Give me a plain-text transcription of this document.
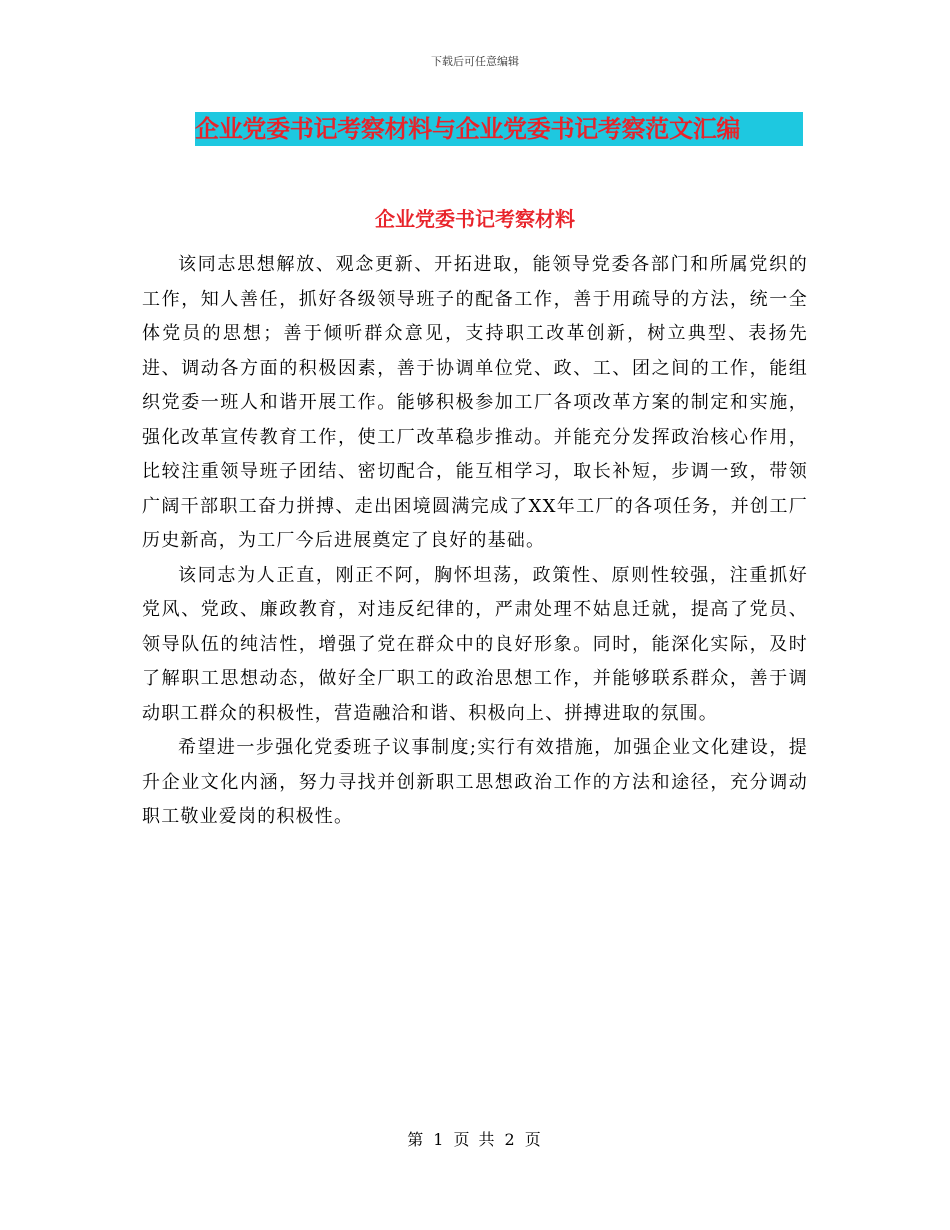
下载后可任意编辑
企业党委书记考察材料与企业党委书记考察范文汇编
企业党委书记考察材料

该同志思想解放、观念更新、开拓进取，能领导党委各部门和所属党织的工作，知人善任，抓好各级领导班子的配备工作，善于用疏导的方法，统一全体党员的思想；善于倾听群众意见，支持职工改革创新，树立典型、表扬先进、调动各方面的积极因素，善于协调单位党、政、工、团之间的工作，能组织党委一班人和谐开展工作。能够积极参加工厂各项改革方案的制定和实施，强化改革宣传教育工作，使工厂改革稳步推动。并能充分发挥政治核心作用，比较注重领导班子团结、密切配合，能互相学习，取长补短，步调一致，带领广阔干部职工奋力拼搏、走出困境圆满完成了XX年工厂的各项任务，并创工厂历史新高，为工厂今后进展奠定了良好的基础。

该同志为人正直，刚正不阿，胸怀坦荡，政策性、原则性较强，注重抓好党风、党政、廉政教育，对违反纪律的，严肃处理不姑息迁就，提高了党员、领导队伍的纯洁性，增强了党在群众中的良好形象。同时，能深化实际，及时了解职工思想动态，做好全厂职工的政治思想工作，并能够联系群众，善于调动职工群众的积极性，营造融洽和谐、积极向上、拼搏进取的氛围。

希望进一步强化党委班子议事制度;实行有效措施，加强企业文化建设，提升企业文化内涵，努力寻找并创新职工思想政治工作的方法和途径，充分调动职工敬业爱岗的积极性。

第 1 页 共 2 页
